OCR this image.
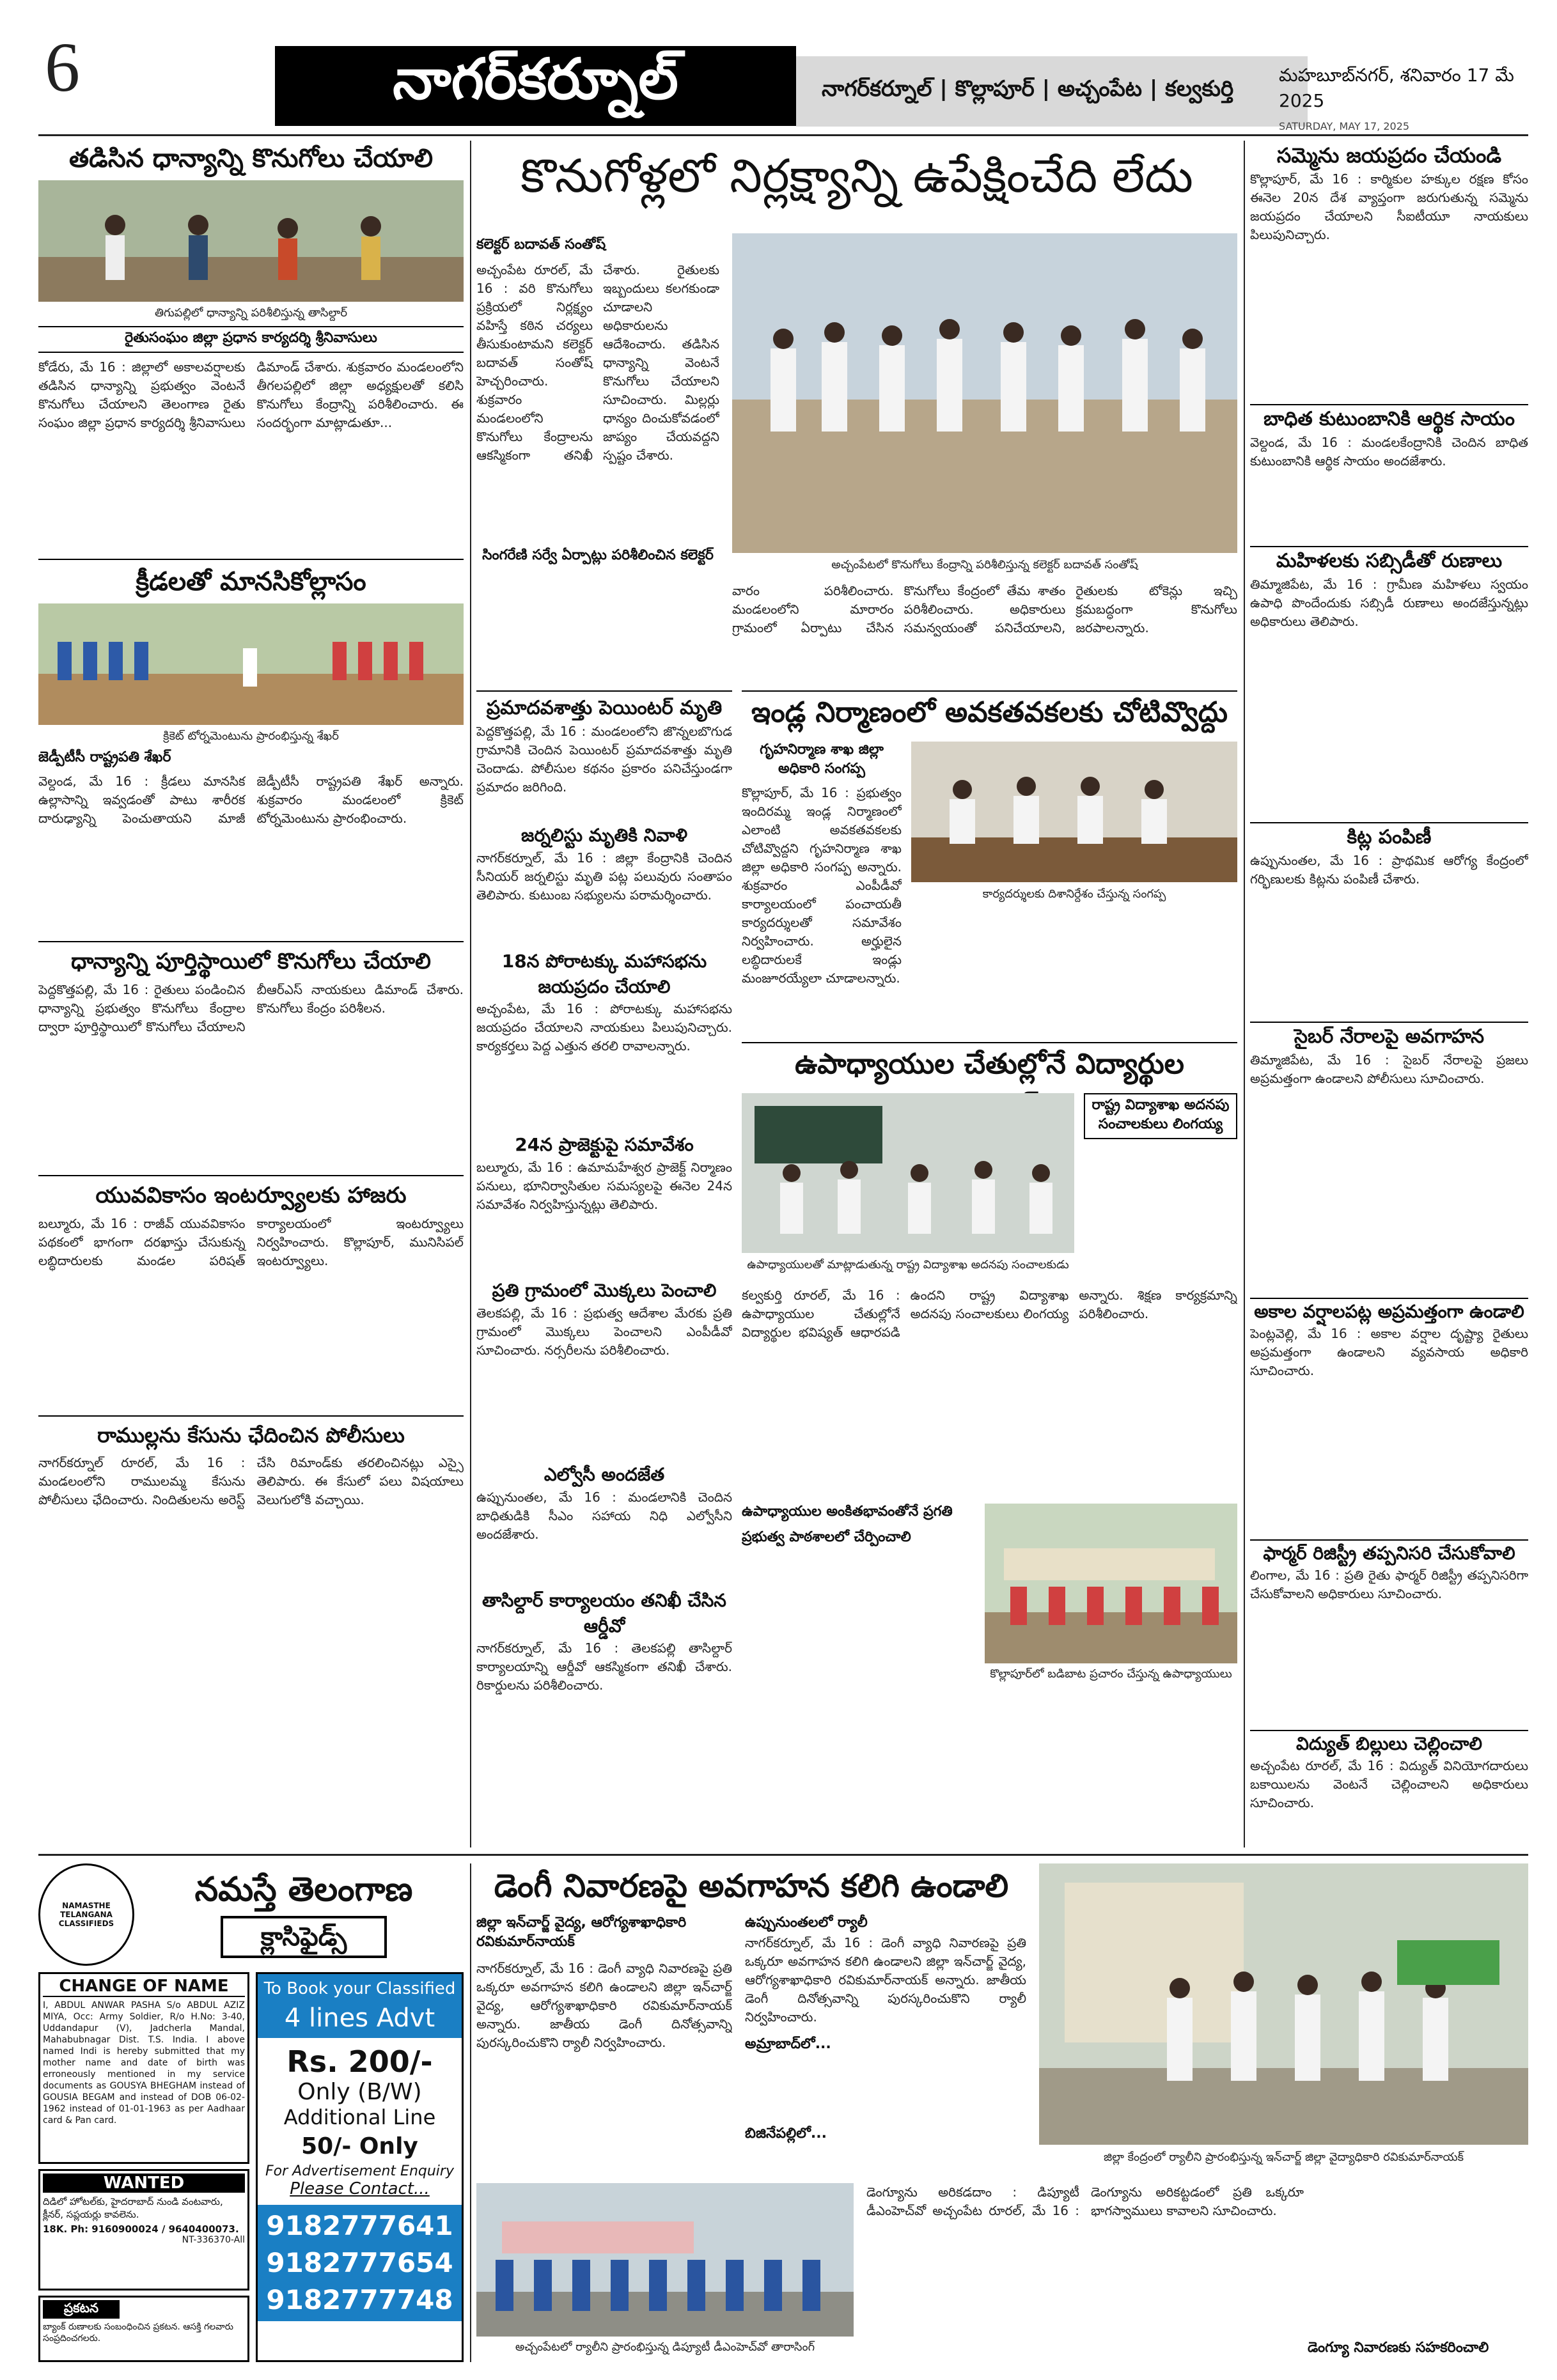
6	నాగర్‌కర్నూల్	నాగర్‌కర్నూల్ | కొల్లాపూర్ | అచ్చంపేట | కల్వకుర్తి
మహబూబ్‌నగర్, శనివారం 17 మే 2025
SATURDAY, MAY 17, 2025
తడిసిన ధాన్యాన్ని కొనుగోలు చేయాలి
తిగుపల్లిలో ధాన్యాన్ని పరిశీలిస్తున్న తాసిల్దార్
రైతుసంఘం జిల్లా ప్రధాన కార్యదర్శి శ్రీనివాసులు
కోడేరు, మే 16 : జిల్లాలో అకాలవర్షాలకు తడిసిన ధాన్యాన్ని ప్రభుత్వం వెంటనే కొనుగోలు చేయాలని తెలంగాణ రైతు సంఘం జిల్లా ప్రధాన కార్యదర్శి శ్రీనివాసులు డిమాండ్ చేశారు. శుక్రవారం మండలంలోని తీగలపల్లిలో జిల్లా అధ్యక్షులతో కలిసి కొనుగోలు కేంద్రాన్ని పరిశీలించారు. ఈ సందర్భంగా మాట్లాడుతూ...
క్రీడలతో మానసికోల్లాసం
క్రికెట్ టోర్నమెంటును ప్రారంభిస్తున్న శేఖర్
జెడ్పీటీసీ రాష్ట్రపతి శేఖర్
వెల్దండ, మే 16 : క్రీడలు మానసిక ఉల్లాసాన్ని ఇవ్వడంతో పాటు శారీరక దారుఢ్యాన్ని పెంచుతాయని మాజీ జెడ్పీటీసీ రాష్ట్రపతి శేఖర్ అన్నారు. శుక్రవారం మండలంలో క్రికెట్ టోర్నమెంటును ప్రారంభించారు.
ధాన్యాన్ని పూర్తిస్థాయిలో కొనుగోలు చేయాలి
పెద్దకొత్తపల్లి, మే 16 : రైతులు పండించిన ధాన్యాన్ని ప్రభుత్వం కొనుగోలు కేంద్రాల ద్వారా పూర్తిస్థాయిలో కొనుగోలు చేయాలని బీఆర్ఎస్ నాయకులు డిమాండ్ చేశారు. కొనుగోలు కేంద్రం పరిశీలన.
యువవికాసం ఇంటర్వ్యూలకు హాజరు
బల్మూరు, మే 16 : రాజీవ్ యువవికాసం పథకంలో భాగంగా దరఖాస్తు చేసుకున్న లబ్ధిదారులకు మండల పరిషత్ కార్యాలయంలో ఇంటర్వ్యూలు నిర్వహించారు. కొల్లాపూర్, మునిసిపల్ ఇంటర్వ్యూలు.
రాముల్లను కేసును ఛేదించిన పోలీసులు
నాగర్‌కర్నూల్ రూరల్, మే 16 : మండలంలోని రాములమ్మ కేసును పోలీసులు ఛేదించారు. నిందితులను అరెస్ట్ చేసి రిమాండ్‌కు తరలించినట్లు ఎస్సై తెలిపారు. ఈ కేసులో పలు విషయాలు వెలుగులోకి వచ్చాయి.
కొనుగోళ్లలో నిర్లక్ష్యాన్ని ఉపేక్షించేది లేదు
కలెక్టర్ బదావత్ సంతోష్
అచ్చంపేట రూరల్, మే 16 : వరి కొనుగోలు ప్రక్రియలో నిర్లక్ష్యం వహిస్తే కఠిన చర్యలు తీసుకుంటామని కలెక్టర్ బదావత్ సంతోష్ హెచ్చరించారు. శుక్రవారం మండలంలోని కొనుగోలు కేంద్రాలను ఆకస్మికంగా తనిఖీ చేశారు. రైతులకు ఇబ్బందులు కలగకుండా చూడాలని అధికారులను ఆదేశించారు. తడిసిన ధాన్యాన్ని వెంటనే కొనుగోలు చేయాలని సూచించారు. మిల్లర్లు ధాన్యం దించుకోవడంలో జాప్యం చేయవద్దని స్పష్టం చేశారు.
సింగరేణి సర్వే ఏర్పాట్లు పరిశీలించిన కలెక్టర్
అచ్చంపేటలో కొనుగోలు కేంద్రాన్ని పరిశీలిస్తున్న కలెక్టర్ బదావత్ సంతోష్
వారం పరిశీలించారు. మండలంలోని మారారం గ్రామంలో ఏర్పాటు చేసిన కొనుగోలు కేంద్రంలో తేమ శాతం పరిశీలించారు. అధికారులు సమన్వయంతో పనిచేయాలని, రైతులకు టోకెన్లు ఇచ్చి క్రమబద్ధంగా కొనుగోలు జరపాలన్నారు.
ప్రమాదవశాత్తు పెయింటర్ మృతి
పెద్దకొత్తపల్లి, మే 16 : మండలంలోని జొన్నలబొగుడ గ్రామానికి చెందిన పెయింటర్ ప్రమాదవశాత్తు మృతి చెందాడు. పోలీసుల కథనం ప్రకారం పనిచేస్తుండగా ప్రమాదం జరిగింది.
జర్నలిస్టు మృతికి నివాళి
నాగర్‌కర్నూల్, మే 16 : జిల్లా కేంద్రానికి చెందిన సీనియర్ జర్నలిస్టు మృతి పట్ల పలువురు సంతాపం తెలిపారు. కుటుంబ సభ్యులను పరామర్శించారు.
18న పోరాటక్కు మహాసభను జయప్రదం చేయాలి
అచ్చంపేట, మే 16 : పోరాటక్కు మహాసభను జయప్రదం చేయాలని నాయకులు పిలుపునిచ్చారు. కార్యకర్తలు పెద్ద ఎత్తున తరలి రావాలన్నారు.
24న ప్రాజెక్టుపై సమావేశం
బల్మూరు, మే 16 : ఉమామహేశ్వర ప్రాజెక్ట్ నిర్మాణం పనులు, భూనిర్వాసితుల సమస్యలపై ఈనెల 24న సమావేశం నిర్వహిస్తున్నట్లు తెలిపారు.
ప్రతి గ్రామంలో మొక్కలు పెంచాలి
తెలకపల్లి, మే 16 : ప్రభుత్వ ఆదేశాల మేరకు ప్రతి గ్రామంలో మొక్కలు పెంచాలని ఎంపీడీవో సూచించారు. నర్సరీలను పరిశీలించారు.
ఎల్వోసీ అందజేత
ఉప్పునుంతల, మే 16 : మండలానికి చెందిన బాధితుడికి సీఎం సహాయ నిధి ఎల్వోసీని అందజేశారు.
తాసిల్దార్ కార్యాలయం తనిఖీ చేసిన ఆర్డీవో
నాగర్‌కర్నూల్, మే 16 : తెలకపల్లి తాసిల్దార్ కార్యాలయాన్ని ఆర్డీవో ఆకస్మికంగా తనిఖీ చేశారు. రికార్డులను పరిశీలించారు.
ఇండ్ల నిర్మాణంలో అవకతవకలకు చోటివ్వొద్దు
గృహనిర్మాణ శాఖ జిల్లా అధికారి సంగప్ప
కొల్లాపూర్, మే 16 : ప్రభుత్వం ఇందిరమ్మ ఇండ్ల నిర్మాణంలో ఎలాంటి అవకతవకలకు చోటివ్వొద్దని గృహనిర్మాణ శాఖ జిల్లా అధికారి సంగప్ప అన్నారు. శుక్రవారం ఎంపీడీవో కార్యాలయంలో పంచాయతీ కార్యదర్శులతో సమావేశం నిర్వహించారు. అర్హులైన లబ్ధిదారులకే ఇండ్లు మంజూరయ్యేలా చూడాలన్నారు.
కార్యదర్శులకు దిశానిర్దేశం చేస్తున్న సంగప్ప
ఉపాధ్యాయుల చేతుల్లోనే విద్యార్థుల
ఉపాధ్యాయులతో మాట్లాడుతున్న రాష్ట్ర విద్యాశాఖ అదనపు సంచాలకుడు
రాష్ట్ర విద్యాశాఖ అదనపు సంచాలకులు లింగయ్య
కల్వకుర్తి రూరల్, మే 16 : ఉపాధ్యాయుల చేతుల్లోనే విద్యార్థుల భవిష్యత్ ఆధారపడి ఉందని రాష్ట్ర విద్యాశాఖ అదనపు సంచాలకులు లింగయ్య అన్నారు. శిక్షణ కార్యక్రమాన్ని పరిశీలించారు.
ఉపాధ్యాయుల అంకితభావంతోనే ప్రగతి
ప్రభుత్వ పాఠశాలలో చేర్పించాలి
కొల్లాపూర్‌లో బడిబాట ప్రచారం చేస్తున్న ఉపాధ్యాయులు
సమ్మెను జయప్రదం చేయండి
కొల్లాపూర్, మే 16 : కార్మికుల హక్కుల రక్షణ కోసం ఈనెల 20న దేశ వ్యాప్తంగా జరుగుతున్న సమ్మెను జయప్రదం చేయాలని సీఐటీయూ నాయకులు పిలుపునిచ్చారు.
బాధిత కుటుంబానికి ఆర్థిక సాయం
వెల్దండ, మే 16 : మండలకేంద్రానికి చెందిన బాధిత కుటుంబానికి ఆర్థిక సాయం అందజేశారు.
మహిళలకు సబ్సిడీతో రుణాలు
తిమ్మాజిపేట, మే 16 : గ్రామీణ మహిళలు స్వయం ఉపాధి పొందేందుకు సబ్సిడీ రుణాలు అందజేస్తున్నట్లు అధికారులు తెలిపారు.
కిట్ల పంపిణీ
ఉప్పునుంతల, మే 16 : ప్రాథమిక ఆరోగ్య కేంద్రంలో గర్భిణులకు కిట్లను పంపిణీ చేశారు.
సైబర్ నేరాలపై అవగాహన
తిమ్మాజిపేట, మే 16 : సైబర్ నేరాలపై ప్రజలు అప్రమత్తంగా ఉండాలని పోలీసులు సూచించారు.
అకాల వర్షాలపట్ల అప్రమత్తంగా ఉండాలి
పెంట్లవెల్లి, మే 16 : అకాల వర్షాల దృష్ట్యా రైతులు అప్రమత్తంగా ఉండాలని వ్యవసాయ అధికారి సూచించారు.
ఫార్మర్ రిజిస్ట్రీ తప్పనిసరి చేసుకోవాలి
లింగాల, మే 16 : ప్రతి రైతు ఫార్మర్ రిజిస్ట్రీ తప్పనిసరిగా చేసుకోవాలని అధికారులు సూచించారు.
విద్యుత్ బిల్లులు చెల్లించాలి
అచ్చంపేట రూరల్, మే 16 : విద్యుత్ వినియోగదారులు బకాయిలను వెంటనే చెల్లించాలని అధికారులు సూచించారు.
NAMASTHE TELANGANA CLASSIFIEDS
నమస్తే తెలంగాణ
క్లాసిఫైడ్స్
CHANGE OF NAME
I, ABDUL ANWAR PASHA S/o ABDUL AZIZ MIYA, Occ: Army Soldier, R/o H.No: 3-40, Uddandapur (V), Jadcherla Mandal, Mahabubnagar Dist. T.S. India. I above named Indi is hereby submitted that my mother name and date of birth was erroneously mentioned in my service documents as GOUSYA BHEGHAM instead of GOUSIA BEGAM and instead of DOB 06-02-1962 instead of 01-01-1963 as per Aadhaar card & Pan card.
WANTED
దిడిలో హోటల్‌కు, హైదరాబాద్ నుండి వంటవారు, క్లీనర్, సప్లయర్లు కావలెను.
18K. Ph: 9160900024 / 9640400073.
NT-336370-All
ప్రకటన
బ్యాంక్ రుణాలకు సంబంధించిన ప్రకటన. ఆసక్తి గలవారు సంప్రదించగలరు.
To Book your Classified
4 lines Advt
Rs. 200/-
Only (B/W)
Additional Line
50/- Only
For Advertisement Enquiry
Please Contact...
9182777641
9182777654
9182777748
డెంగీ నివారణపై అవగాహన కలిగి ఉండాలి
జిల్లా ఇన్‌చార్జ్ వైద్య, ఆరోగ్యశాఖాధికారి రవికుమార్‌నాయక్
నాగర్‌కర్నూల్, మే 16 : డెంగీ వ్యాధి నివారణపై ప్రతి ఒక్కరూ అవగాహన కలిగి ఉండాలని జిల్లా ఇన్‌చార్జ్ వైద్య, ఆరోగ్యశాఖాధికారి రవికుమార్‌నాయక్ అన్నారు. జాతీయ డెంగీ దినోత్సవాన్ని పురస్కరించుకొని ర్యాలీ నిర్వహించారు.
ఉప్పునుంతలలో ర్యాలీ
నాగర్‌కర్నూల్, మే 16 : డెంగీ వ్యాధి నివారణపై ప్రతి ఒక్కరూ అవగాహన కలిగి ఉండాలని జిల్లా ఇన్‌చార్జ్ వైద్య, ఆరోగ్యశాఖాధికారి రవికుమార్‌నాయక్ అన్నారు. జాతీయ డెంగీ దినోత్సవాన్ని పురస్కరించుకొని ర్యాలీ నిర్వహించారు.
అమ్రాబాద్‌లో...
బిజినేపల్లిలో...
అచ్చంపేటలో ర్యాలీని ప్రారంభిస్తున్న డిప్యూటీ డీఎంహెచ్‌వో తారాసింగ్
జిల్లా కేంద్రంలో ర్యాలీని ప్రారంభిస్తున్న ఇన్‌చార్జ్ జిల్లా వైద్యాధికారి రవికుమార్‌నాయక్
డెంగ్యూను అరికడదాం : డిప్యూటీ డీఎంహెచ్‌వో అచ్చంపేట రూరల్, మే 16 : డెంగ్యూను అరికట్టడంలో ప్రతి ఒక్కరూ భాగస్వాములు కావాలని సూచించారు.
డెంగ్యూ నివారణకు సహకరించాలి
